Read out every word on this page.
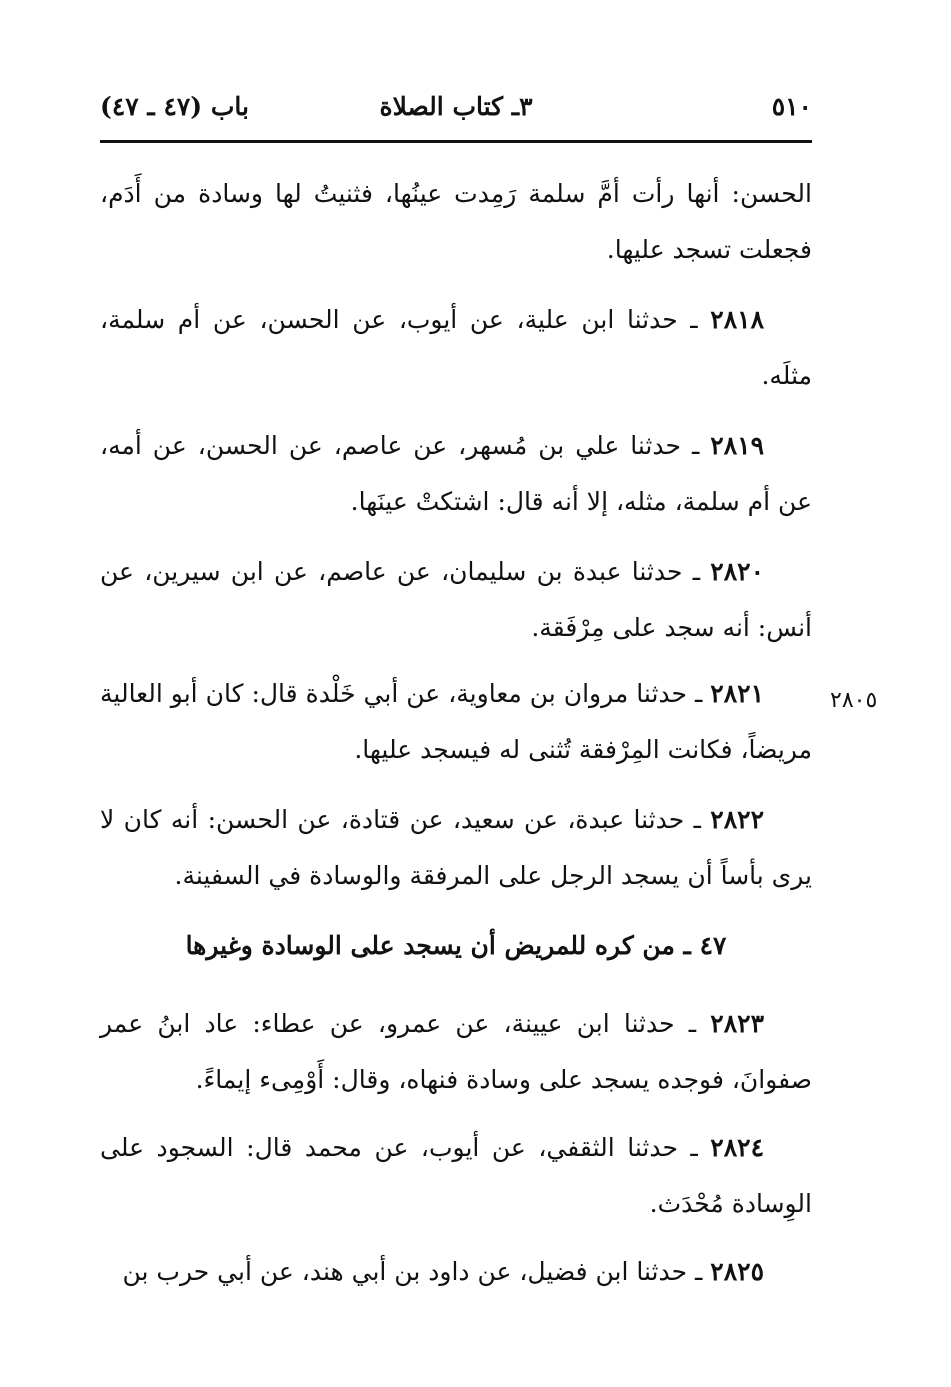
٥١٠
٣ـ كتاب الصلاة
باب (٤٧ ـ ٤٧)

الحسن: أنها رأت أمَّ سلمة رَمِدت عينُها، فثنيتُ لها وسادة من أَدَم، فجعلت تسجد عليها.

٢٨١٨ ـ حدثنا ابن علية، عن أيوب، عن الحسن، عن أم سلمة، مثلَه.

٢٨١٩ ـ حدثنا علي بن مُسهر، عن عاصم، عن الحسن، عن أمه، عن أم سلمة، مثله، إلا أنه قال: اشتكتْ عينَها.

٢٨٢٠ ـ حدثنا عبدة بن سليمان، عن عاصم، عن ابن سيرين، عن أنس: أنه سجد على مِرْفَقة.

٢٨٠٥

٢٨٢١ ـ حدثنا مروان بن معاوية، عن أبي خَلْدة قال: كان أبو العالية مريضاً، فكانت المِرْفقة تُثنى له فيسجد عليها.

٢٨٢٢ ـ حدثنا عبدة، عن سعيد، عن قتادة، عن الحسن: أنه كان لا يرى بأساً أن يسجد الرجل على المرفقة والوسادة في السفينة.

٤٧ ـ من كره للمريض أن يسجد على الوسادة وغيرها

٢٨٢٣ ـ حدثنا ابن عيينة، عن عمرو، عن عطاء: عاد ابنُ عمر صفوانَ، فوجده يسجد على وسادة فنهاه، وقال: أَوْمِىء إيماءً.

٢٨٢٤ ـ حدثنا الثقفي، عن أيوب، عن محمد قال: السجود على الوِسادة مُحْدَث.

٢٨٢٥ ـ حدثنا ابن فضيل، عن داود بن أبي هند، عن أبي حرب بن
